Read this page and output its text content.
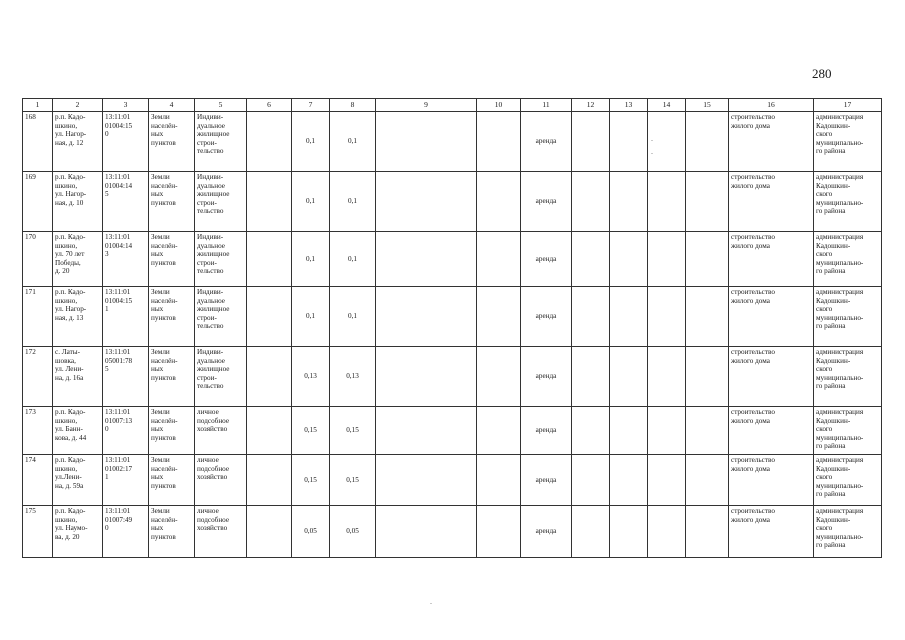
280
1	2	3	4	5	6	7	8	9	10	11	12	13	14	15	16	17
168	р.п. Кадо-
шкино,
ул. Нагор-
ная, д. 12	13:11:01
01004:15
0	Земли
населён-
ных
пунктов	Индиви-
дуальное
жилищное
строи-
тельство		0,1	0,1			аренда					строительство
жилого дома	администрация
Кадошкин-
ского
муниципально-
го района

169	р.п. Кадо-
шкино,
ул. Нагор-
ная, д. 10	13:11:01
01004:14
5	Земли
населён-
ных
пунктов	Индиви-
дуальное
жилищное
строи-
тельство		0,1	0,1			аренда					строительство
жилого дома	администрация
Кадошкин-
ского
муниципально-
го района

170	р.п. Кадо-
шкино,
ул. 70 лет
Победы,
д. 20	13:11:01
01004:14
3	Земли
населён-
ных
пунктов	Индиви-
дуальное
жилищное
строи-
тельство		0,1	0,1			аренда					строительство
жилого дома	администрация
Кадошкин-
ского
муниципально-
го района

171	р.п. Кадо-
шкино,
ул. Нагор-
ная, д. 13	13:11:01
01004:15
1	Земли
населён-
ных
пунктов	Индиви-
дуальное
жилищное
строи-
тельство		0,1	0,1			аренда					строительство
жилого дома	администрация
Кадошкин-
ского
муниципально-
го района

172	с. Латы-
шовка,
ул. Лени-
на, д. 16а	13:11:01
05001:78
5	Земли
населён-
ных
пунктов	Индиви-
дуальное
жилищное
строи-
тельство		0,13	0,13			аренда					строительство
жилого дома	администрация
Кадошкин-
ского
муниципально-
го района

173	р.п. Кадо-
шкино,
ул. Банн-
кова, д. 44	13:11:01
01007:13
0	Земли
населён-
ных
пунктов	личное
подсобное
хозяйство		0,15	0,15			аренда					строительство
жилого дома	администрация
Кадошкин-
ского
муниципально-
го района

174	р.п. Кадо-
шкино,
ул.Лени-
на, д. 59а	13:11:01
01002:17
1	Земли
населён-
ных
пунктов	личное
подсобное
хозяйство		0,15	0,15			аренда					строительство
жилого дома	администрация
Кадошкин-
ского
муниципально-
го района

175	р.п. Кадо-
шкино,
ул. Наумо-
ва, д. 20	13:11:01
01007:49
0	Земли
населён-
ных
пунктов	личное
подсобное
хозяйство		0,05	0,05			аренда					строительство
жилого дома	администрация
Кадошкин-
ского
муниципально-
го района
.
.
.
